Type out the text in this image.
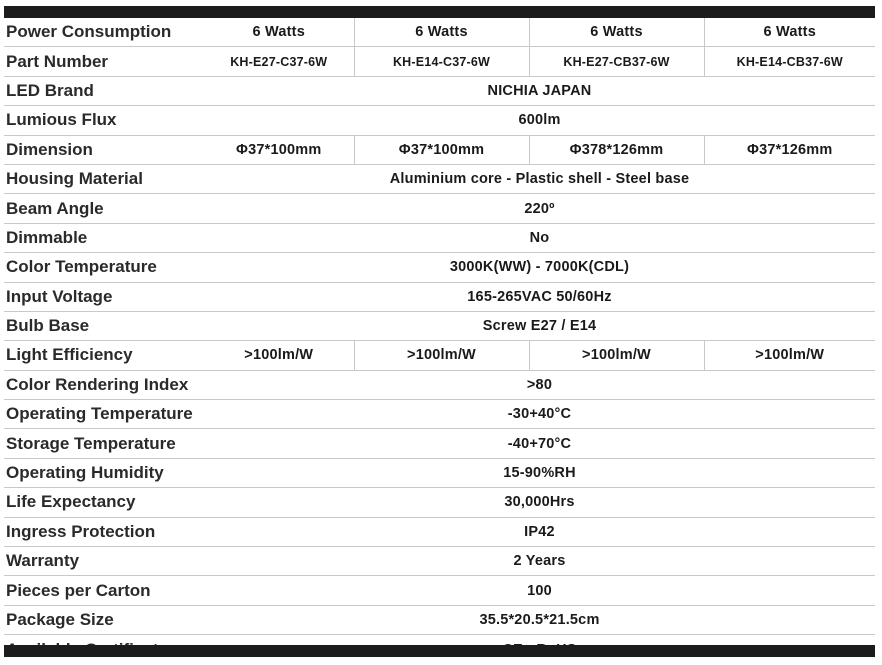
Power Consumption	6 Watts	6 Watts	6 Watts	6 Watts
Part Number	KH-E27-C37-6W	KH-E14-C37-6W	KH-E27-CB37-6W	KH-E14-CB37-6W
LED Brand	NICHIA JAPAN			
Lumious Flux	600lm			
Dimension	Φ37*100mm	Φ37*100mm	Φ378*126mm	Φ37*126mm
Housing Material	Aluminium core - Plastic shell - Steel base			
Beam Angle	220º			
Dimmable	No			
Color Temperature	3000K(WW) - 7000K(CDL)			
Input Voltage	165-265VAC 50/60Hz			
Bulb Base	Screw E27 / E14			
Light Efficiency	>100lm/W	>100lm/W	>100lm/W	>100lm/W
Color Rendering Index	>80			
Operating Temperature	-30+40°C			
Storage Temperature	-40+70°C			
Operating Humidity	15-90%RH			
Life Expectancy	30,000Hrs			
Ingress Protection	IP42			
Warranty	2 Years			
Pieces per Carton	100			
Package Size	35.5*20.5*21.5cm			
